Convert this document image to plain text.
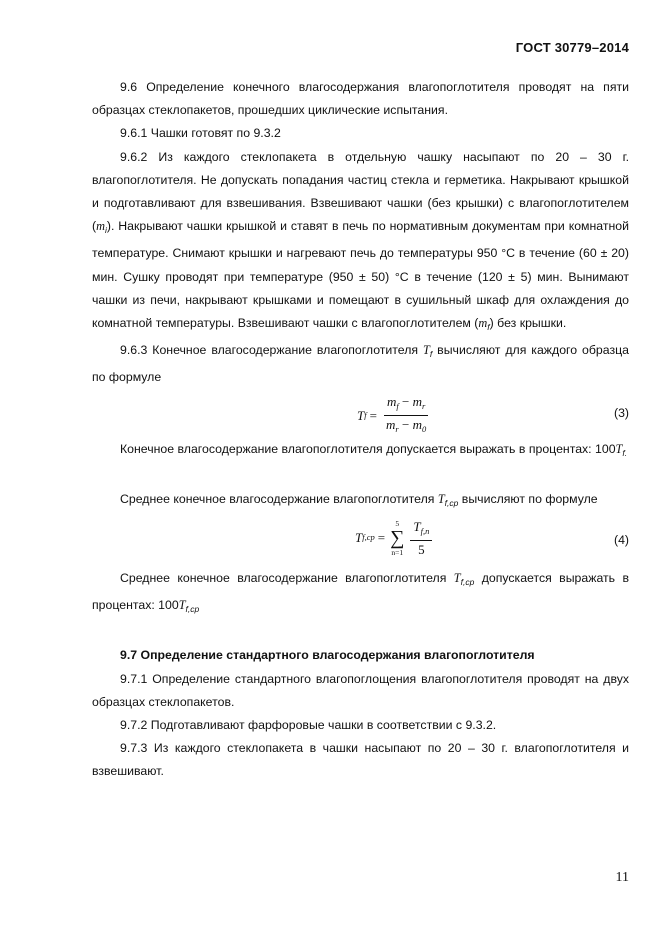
ГОСТ 30779–2014

9.6 Определение конечного влагосодержания влагопоглотителя проводят на пяти образцах стеклопакетов, прошедших циклические испытания.

9.6.1 Чашки готовят по 9.3.2

9.6.2 Из каждого стеклопакета в отдельную чашку насыпают по 20 – 30 г. влагопоглотителя. Не допускать попадания частиц стекла и герметика. Накрывают крышкой и подготавливают для взвешивания. Взвешивают чашки (без крышки) с влагопоглотителем $(m_i)$. Накрывают чашки крышкой и ставят в печь по нормативным документам при комнатной температуре. Снимают крышки и нагревают печь до температуры 950 °С в течение (60 ± 20) мин. Сушку проводят при температуре (950 ± 50) °С в течение (120 ± 5) мин. Вынимают чашки из печи, накрывают крышками и помещают в сушильный шкаф для охлаждения до комнатной температуры. Взвешивают чашки с влагопоглотителем $(m_f)$ без крышки.

9.6.3 Конечное влагосодержание влагопоглотителя $T_f$ вычисляют для каждого образца по формуле

T $f = \frac{m_f - m_r}{m_r - m_0}$	(3)

Конечное влагосодержание влагопоглотителя допускается выражать в процентах: $100T_{f.}$

Среднее конечное влагосодержание влагопоглотителя $T_{f,ср}$ вычисляют по формуле

T f,ср =
5
∑
$n=1 \frac{T_{f,n}}{5}$	(4)

Среднее конечное влагосодержание влагопоглотителя $T_{f,ср}$ допускается выражать в процентах: $100T_{f,ср}$

9.7 Определение стандартного влагосодержания влагопоглотителя

9.7.1 Определение стандартного влагопоглощения влагопоглотителя проводят на двух образцах стеклопакетов.

9.7.2 Подготавливают фарфоровые чашки в соответствии с 9.3.2.

9.7.3 Из каждого стеклопакета в чашки насыпают по 20 – 30 г. влагопоглотителя и взвешивают.

11
